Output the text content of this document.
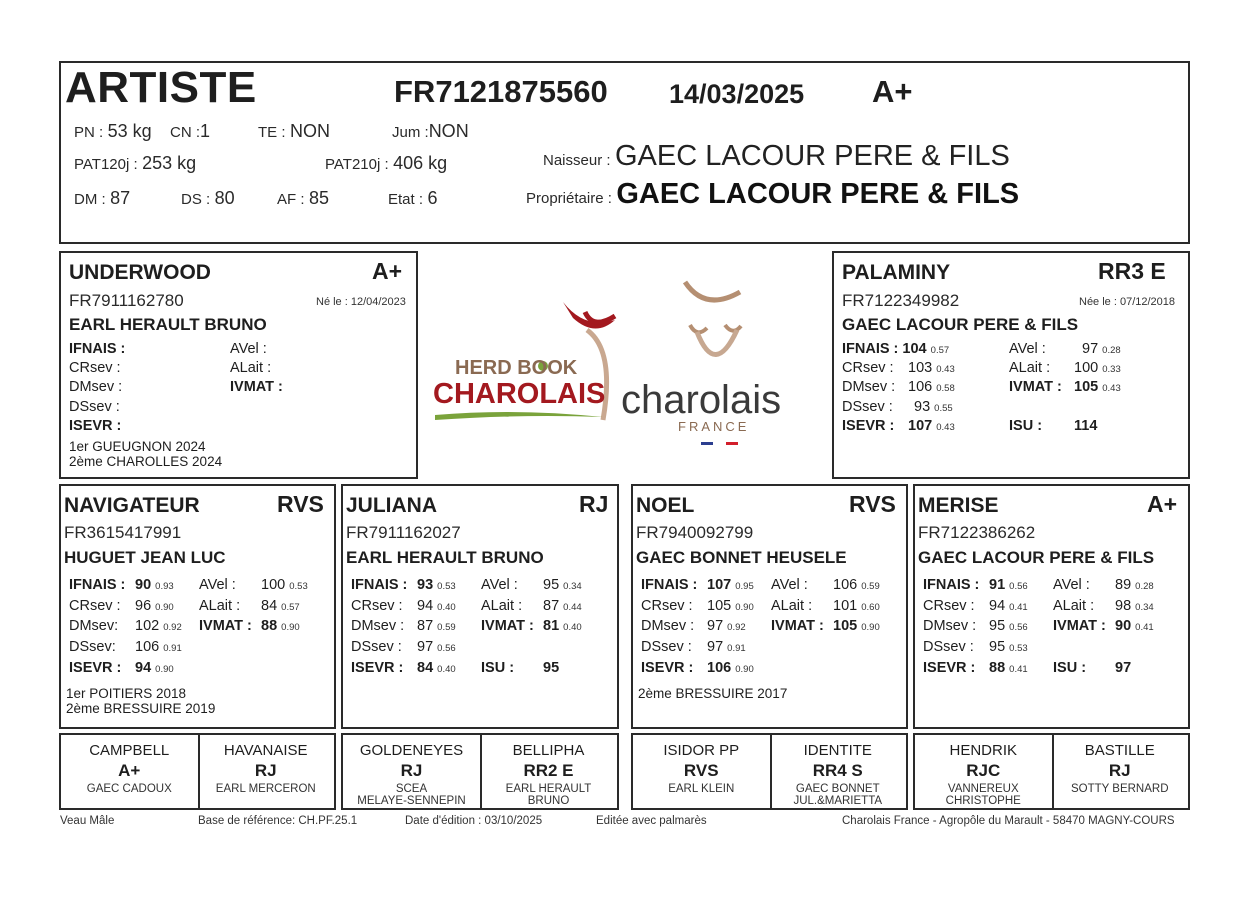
ARTISTE	FR7121875560 14/03/2025 A+
PN : 53 kg CN :1	TE : NON	Jum :NON
PAT120j : 253 kg	PAT210j : 406 kg
DM : 87	DS : 80	AF : 85	Etat : 6
Naisseur : GAEC LACOUR PERE & FILS
Propriétaire : GAEC LACOUR PERE & FILS
UNDERWOOD	A+
FR7911162780	Né le : 12/04/2023
EARL HERAULT BRUNO
IFNAIS :	AVel :
CRsev :	ALait :
DMsev :	IVMAT :
DSsev :
ISEVR :
1er GUEUGNON 2024
2ème CHAROLLES 2024
HERD BOOK
CHAROLAIS charolais
FRANCE
PALAMINY	RR3 E
FR7122349982	Née le : 07/12/2018
GAEC LACOUR PERE & FILS
IFNAIS : 104 0.57	AVel : 97 0.28
CRsev : 103 0.43	ALait : 100 0.33
DMsev : 106 0.58	IVMAT : 105 0.43
DSsev : 93 0.55
ISEVR : 107 0.43	ISU : 114
NAVIGATEUR	RVS
FR3615417991
HUGUET JEAN LUC
IFNAIS : 90 0.93 AVel : 100 0.53
CRsev : 96 0.90 ALait : 84 0.57
DMsev: 102 0.92 IVMAT : 88 0.90
DSsev: 106 0.91
ISEVR : 94 0.90
1er POITIERS 2018
2ème BRESSUIRE 2019
JULIANA	RJ
FR7911162027
EARL HERAULT BRUNO
IFNAIS : 93 0.53 AVel : 95 0.34
CRsev : 94 0.40 ALait : 87 0.44
DMsev : 87 0.59 IVMAT : 81 0.40
DSsev : 97 0.56
ISEVR : 84 0.40 ISU : 95
NOEL	RVS
FR7940092799
GAEC BONNET HEUSELE
IFNAIS : 107 0.95 AVel : 106 0.59
CRsev : 105 0.90 ALait : 101 0.60
DMsev : 97 0.92 IVMAT : 105 0.90
DSsev : 97 0.91
ISEVR : 106 0.90
2ème BRESSUIRE 2017
MERISE	A+
FR7122386262
GAEC LACOUR PERE & FILS
IFNAIS : 91 0.56 AVel : 89 0.28
CRsev : 94 0.41 ALait : 98 0.34
DMsev : 95 0.56 IVMAT : 90 0.41
DSsev : 95 0.53
ISEVR : 88 0.41 ISU : 97
CAMPBELL
A+
GAEC CADOUX
HAVANAISE
RJ
EARL MERCERON
GOLDENEYES
RJ
SCEA
MELAYE-SENNEPIN
BELLIPHA
RR2 E
EARL HERAULT
BRUNO
ISIDOR PP
RVS
EARL KLEIN
IDENTITE
RR4 S
GAEC BONNET
JUL.&MARIETTA
HENDRIK
RJC
VANNEREUX
CHRISTOPHE
BASTILLE
RJ
SOTTY BERNARD
Veau Mâle	Base de référence: CH.PF.25.1	Date d'édition : 03/10/2025	Editée avec palmarès	Charolais France - Agropôle du Marault - 58470 MAGNY-COURS
